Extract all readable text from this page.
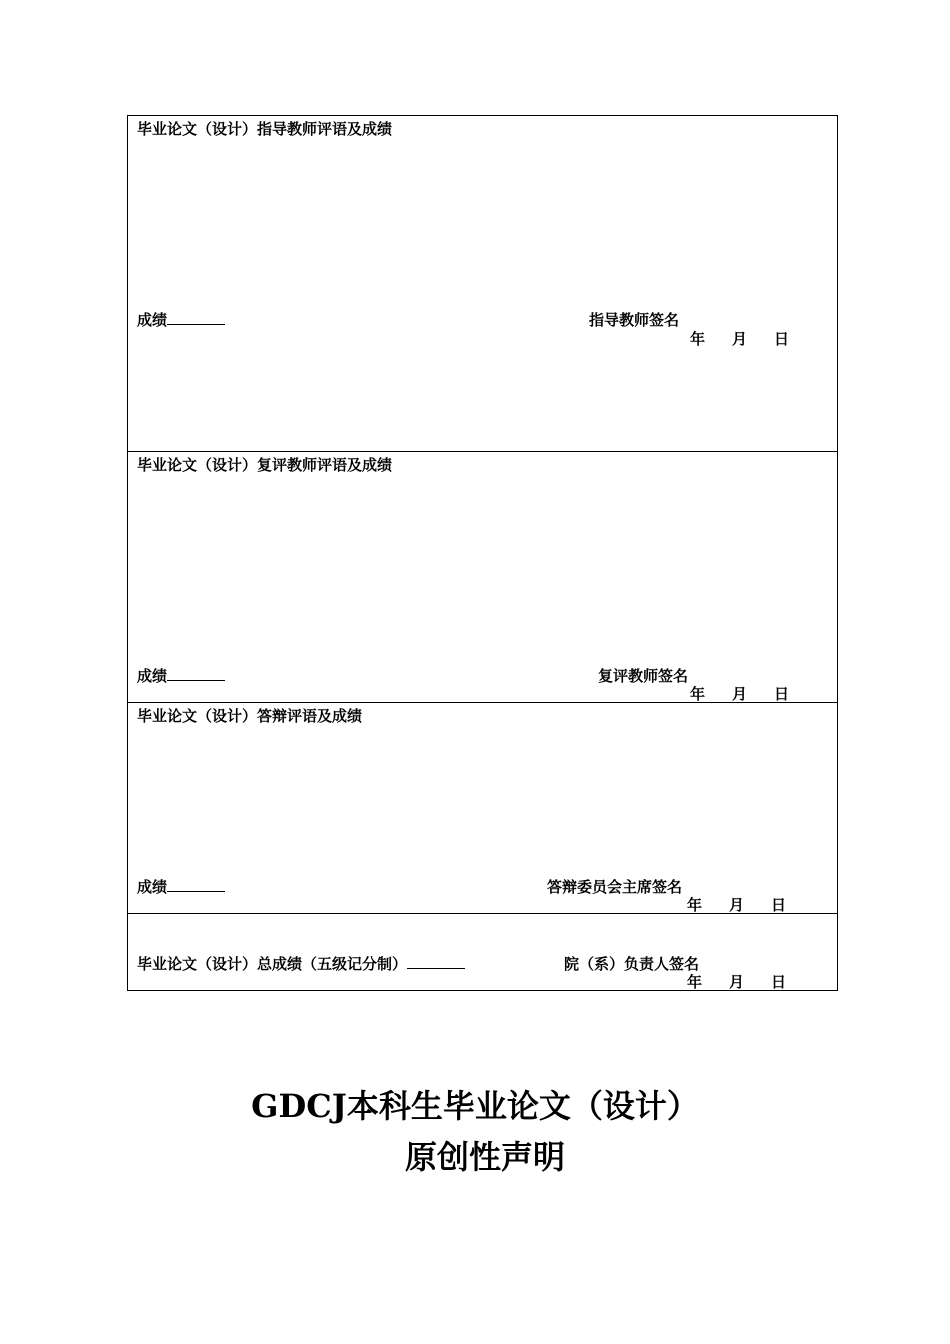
毕业论文（设计）指导教师评语及成绩
成绩	指导教师签名
年 月 日
毕业论文（设计）复评教师评语及成绩
成绩	复评教师签名
年 月 日
毕业论文（设计）答辩评语及成绩
成绩	答辩委员会主席签名
年 月 日
毕业论文（设计）总成绩（五级记分制）	院（系）负责人签名
年 月 日
GDCJ本科生毕业论文（设计）
原创性声明
